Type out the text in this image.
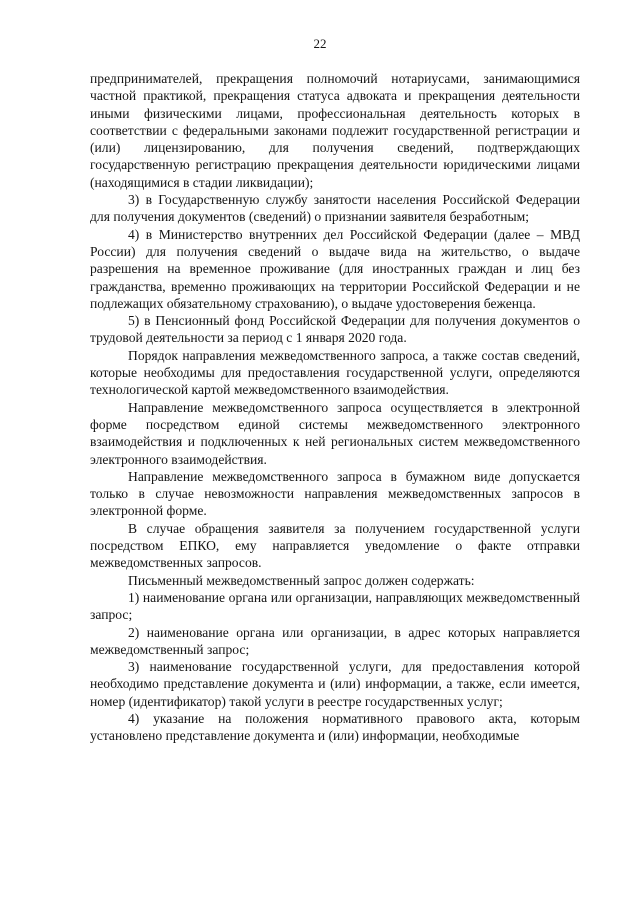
22

предпринимателей, прекращения полномочий нотариусами, занимающимися частной практикой, прекращения статуса адвоката и прекращения деятельности иными физическими лицами, профессиональная деятельность которых в соответствии с федеральными законами подлежит государственной регистрации и (или) лицензированию, для получения сведений, подтверждающих государственную регистрацию прекращения деятельности юридическими лицами (находящимися в стадии ликвидации);

3) в Государственную службу занятости населения Российской Федерации для получения документов (сведений) о признании заявителя безработным;

4) в Министерство внутренних дел Российской Федерации (далее – МВД России) для получения сведений о выдаче вида на жительство, о выдаче разрешения на временное проживание (для иностранных граждан и лиц без гражданства, временно проживающих на территории Российской Федерации и не подлежащих обязательному страхованию), о выдаче удостоверения беженца.

5) в Пенсионный фонд Российской Федерации для получения документов о трудовой деятельности за период с 1 января 2020 года.

Порядок направления межведомственного запроса, а также состав сведений, которые необходимы для предоставления государственной услуги, определяются технологической картой межведомственного взаимодействия.

Направление межведомственного запроса осуществляется в электронной форме посредством единой системы межведомственного электронного взаимодействия и подключенных к ней региональных систем межведомственного электронного взаимодействия.

Направление межведомственного запроса в бумажном виде допускается только в случае невозможности направления межведомственных запросов в электронной форме.

В случае обращения заявителя за получением государственной услуги посредством ЕПКО, ему направляется уведомление о факте отправки межведомственных запросов.

Письменный межведомственный запрос должен содержать:

1) наименование органа или организации, направляющих межведомственный запрос;

2) наименование органа или организации, в адрес которых направляется межведомственный запрос;

3) наименование государственной услуги, для предоставления которой необходимо представление документа и (или) информации, а также, если имеется, номер (идентификатор) такой услуги в реестре государственных услуг;

4) указание на положения нормативного правового акта, которым установлено представление документа и (или) информации, необходимые
